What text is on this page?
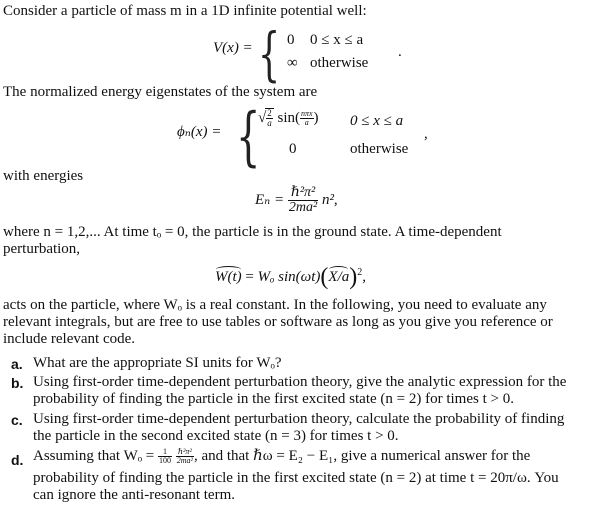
Consider a particle of mass m in a 1D infinite potential well:
V(x) = { 0 0 ≤ x ≤ a
∞ otherwise
.
The normalized energy eigenstates of the system are
ϕₙ(x) = {
√ $\frac{2}{a} \sin( \frac{\text{nπx}}{a}$ ) 0 ≤ x ≤ a
0	otherwise
,
with energies
$E_n = \frac{\text{ℏ²π²}}{\text{2ma²}} n^2$,
where n = 1,2,... At time tₒ = 0, the particle is in the ground state. A time-dependent
perturbation,
W(t) = Wₒ $\sin(\omega t)(X/a)^2$,
acts on the particle, where Wₒ is a real constant. In the following, you need to evaluate any
relevant integrals, but are free to use tables or software as long as you give you reference or
include relevant code.
a. What are the appropriate SI units for Wₒ?
b. Using first-order time-dependent perturbation theory, give the analytic expression for the
probability of finding the particle in the first excited state (n = 2) for times t > 0.
c. Using first-order time-dependent perturbation theory, calculate the probability of finding
the particle in the second excited state (n = 3) for times t > 0.
d. Assuming that $W_o = \frac{1}{100}$
$\frac{\text{ℏ²π²}}{\text{2ma²}}$ , and that ℏω = E₂ − E₁, give a numerical answer for the
probability of finding the particle in the first excited state (n = 2) at time t = 20π/ω. You
can ignore the anti-resonant term.
